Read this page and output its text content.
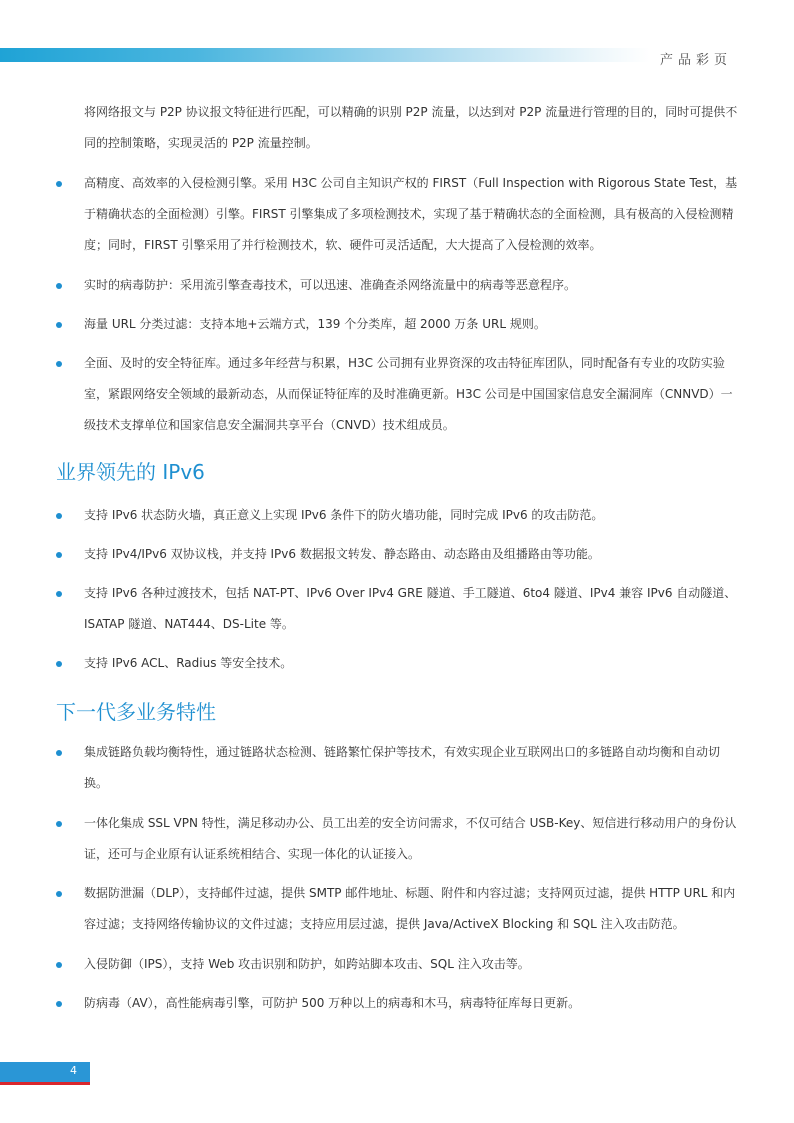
产品彩页
将网络报文与 P2P 协议报文特征进行匹配，可以精确的识别 P2P 流量，以达到对 P2P 流量进行管理的目的，同时可提供不同的控制策略，实现灵活的 P2P 流量控制。
高精度、高效率的入侵检测引擎。采用 H3C 公司自主知识产权的 FIRST（Full Inspection with Rigorous State Test，基于精确状态的全面检测）引擎。FIRST 引擎集成了多项检测技术，实现了基于精确状态的全面检测，具有极高的入侵检测精度；同时，FIRST 引擎采用了并行检测技术，软、硬件可灵活适配，大大提高了入侵检测的效率。
实时的病毒防护：采用流引擎查毒技术，可以迅速、准确查杀网络流量中的病毒等恶意程序。
海量 URL 分类过滤：支持本地+云端方式，139 个分类库，超 2000 万条 URL 规则。
全面、及时的安全特征库。通过多年经营与积累，H3C 公司拥有业界资深的攻击特征库团队，同时配备有专业的攻防实验室，紧跟网络安全领域的最新动态，从而保证特征库的及时准确更新。H3C 公司是中国国家信息安全漏洞库（CNNVD）一级技术支撑单位和国家信息安全漏洞共享平台（CNVD）技术组成员。
业界领先的 IPv6
支持 IPv6 状态防火墙，真正意义上实现 IPv6 条件下的防火墙功能，同时完成 IPv6 的攻击防范。
支持 IPv4/IPv6 双协议栈，并支持 IPv6 数据报文转发、静态路由、动态路由及组播路由等功能。
支持 IPv6 各种过渡技术，包括 NAT-PT、IPv6 Over IPv4 GRE 隧道、手工隧道、6to4 隧道、IPv4 兼容 IPv6 自动隧道、ISATAP 隧道、NAT444、DS-Lite 等。
支持 IPv6 ACL、Radius 等安全技术。
下一代多业务特性
集成链路负载均衡特性，通过链路状态检测、链路繁忙保护等技术，有效实现企业互联网出口的多链路自动均衡和自动切换。
一体化集成 SSL VPN 特性，满足移动办公、员工出差的安全访问需求，不仅可结合 USB-Key、短信进行移动用户的身份认证，还可与企业原有认证系统相结合、实现一体化的认证接入。
数据防泄漏（DLP），支持邮件过滤，提供 SMTP 邮件地址、标题、附件和内容过滤；支持网页过滤，提供 HTTP URL 和内容过滤；支持网络传输协议的文件过滤；支持应用层过滤，提供 Java/ActiveX Blocking 和 SQL 注入攻击防范。
入侵防御（IPS），支持 Web 攻击识别和防护，如跨站脚本攻击、SQL 注入攻击等。
防病毒（AV），高性能病毒引擎，可防护 500 万种以上的病毒和木马，病毒特征库每日更新。
4
